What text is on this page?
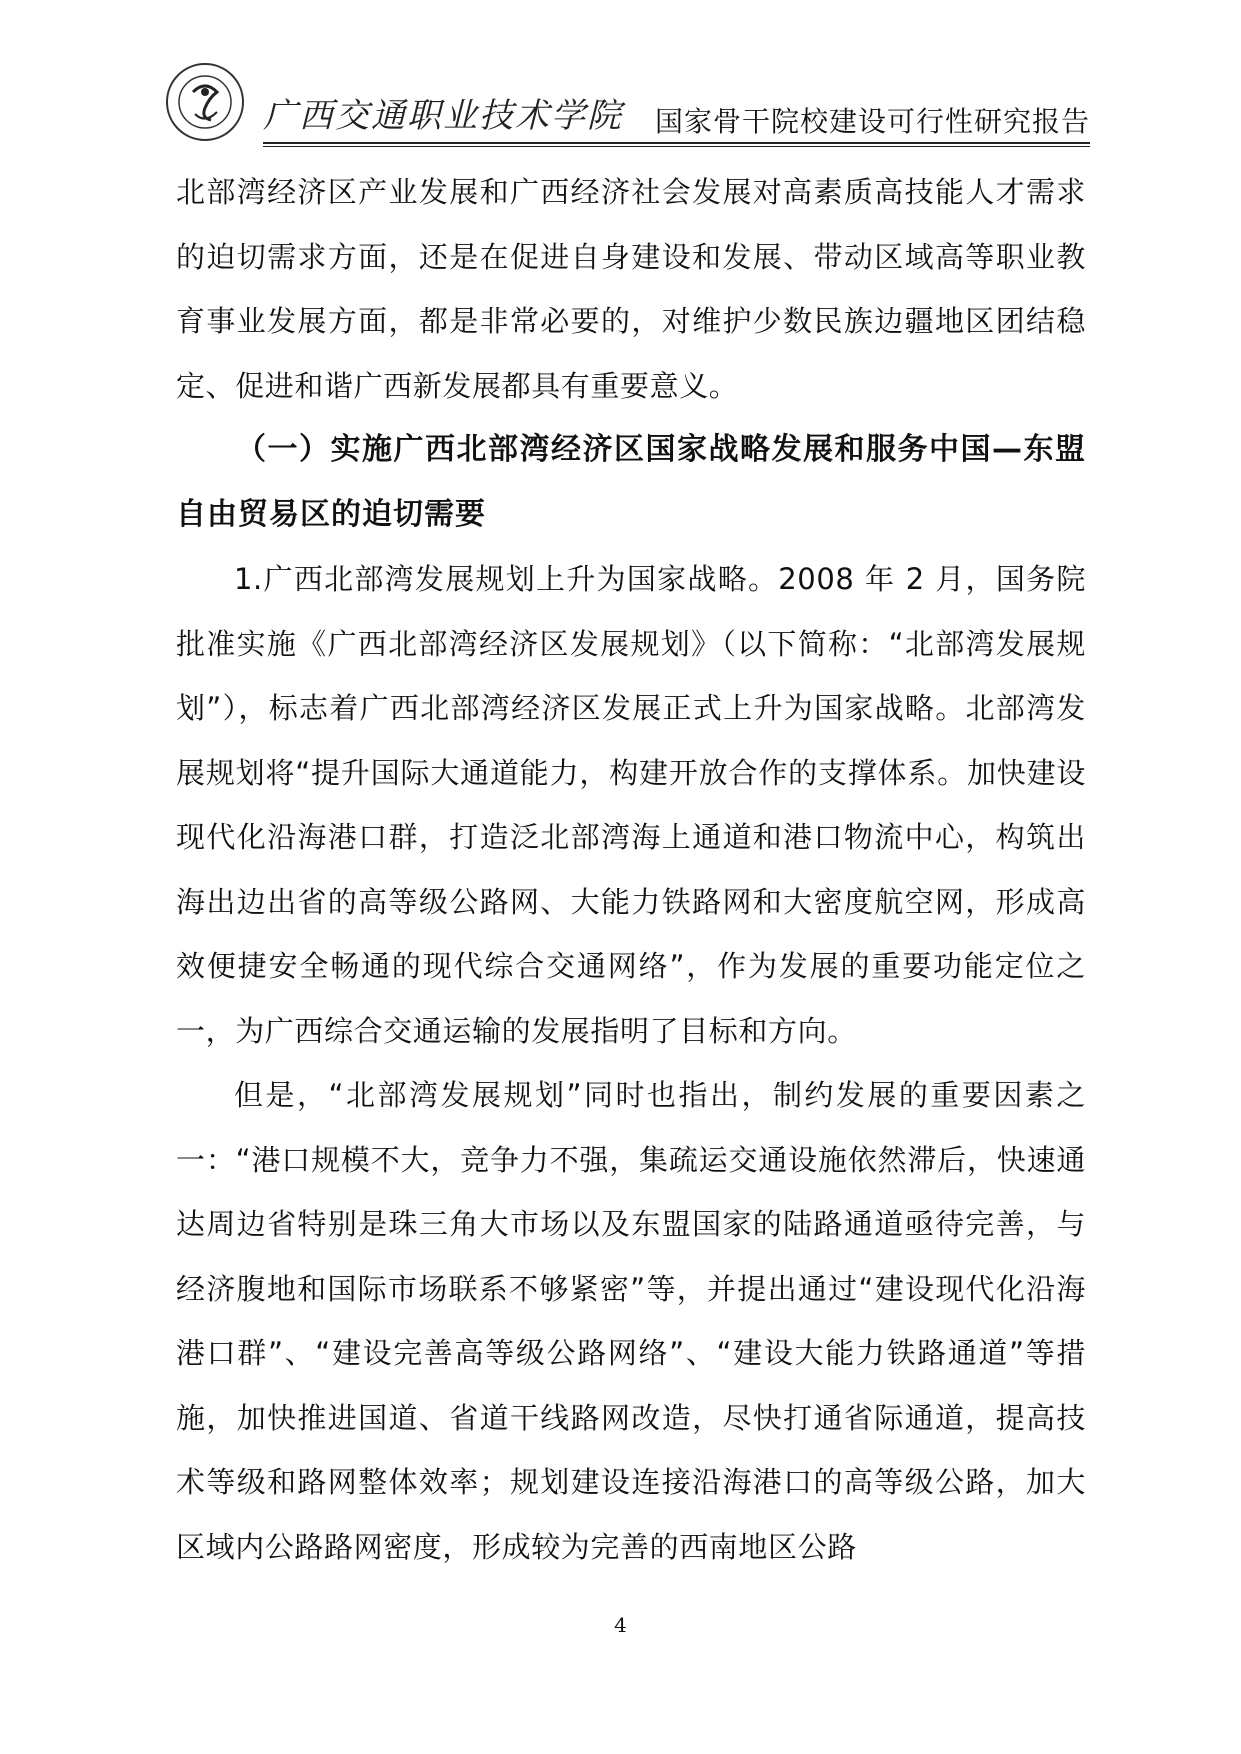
广西交通职业技术学院 国家骨干院校建设可行性研究报告

北部湾经济区产业发展和广西经济社会发展对高素质高技能人才需求的迫切需求方面，还是在促进自身建设和发展、带动区域高等职业教育事业发展方面，都是非常必要的，对维护少数民族边疆地区团结稳定、促进和谐广西新发展都具有重要意义。

（一）实施广西北部湾经济区国家战略发展和服务中国—东盟自由贸易区的迫切需要

1.广西北部湾发展规划上升为国家战略。2008 年 2 月，国务院批准实施《广西北部湾经济区发展规划》（以下简称：“北部湾发展规划”），标志着广西北部湾经济区发展正式上升为国家战略。北部湾发展规划将“提升国际大通道能力，构建开放合作的支撑体系。加快建设现代化沿海港口群，打造泛北部湾海上通道和港口物流中心，构筑出海出边出省的高等级公路网、大能力铁路网和大密度航空网，形成高效便捷安全畅通的现代综合交通网络”，作为发展的重要功能定位之一，为广西综合交通运输的发展指明了目标和方向。

但是，“北部湾发展规划”同时也指出，制约发展的重要因素之一：“港口规模不大，竞争力不强，集疏运交通设施依然滞后，快速通达周边省特别是珠三角大市场以及东盟国家的陆路通道亟待完善，与经济腹地和国际市场联系不够紧密”等，并提出通过“建设现代化沿海港口群”、“建设完善高等级公路网络”、“建设大能力铁路通道”等措施，加快推进国道、省道干线路网改造，尽快打通省际通道，提高技术等级和路网整体效率；规划建设连接沿海港口的高等级公路，加大区域内公路路网密度，形成较为完善的西南地区公路

4
